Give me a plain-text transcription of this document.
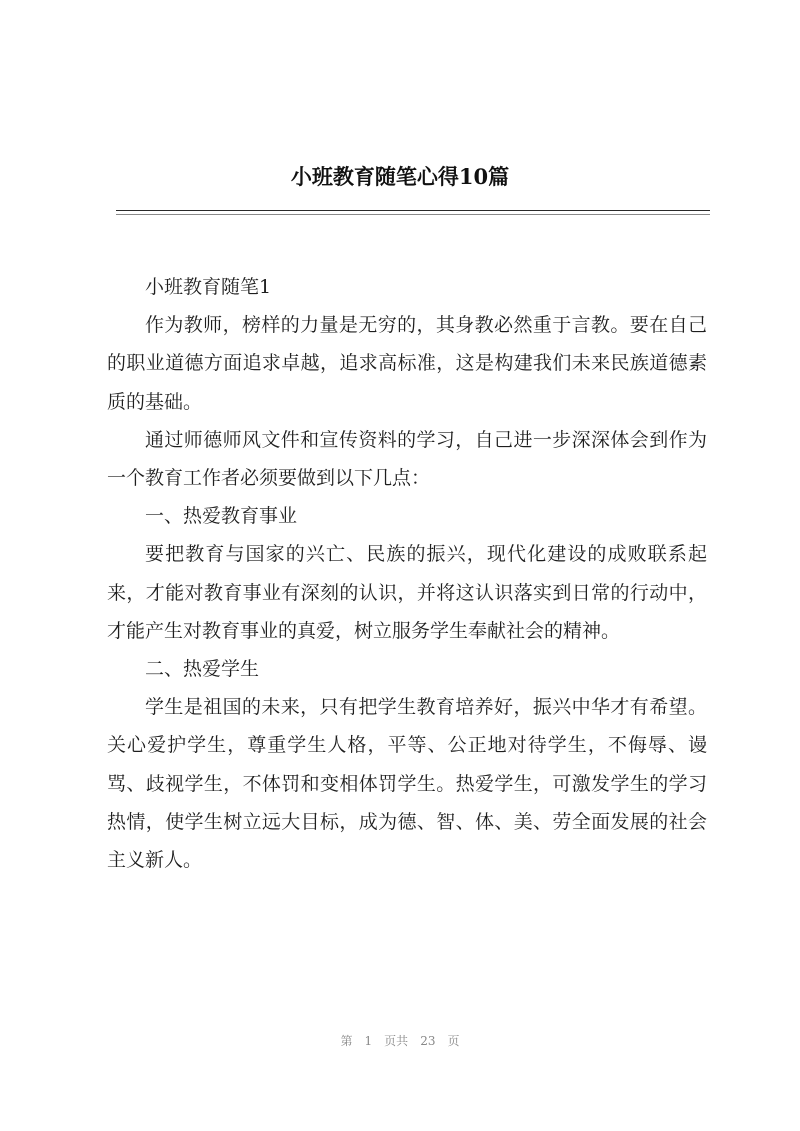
小班教育随笔心得10篇

小班教育随笔1

作为教师，榜样的力量是无穷的，其身教必然重于言教。要在自己的职业道德方面追求卓越，追求高标准，这是构建我们未来民族道德素质的基础。

通过师德师风文件和宣传资料的学习，自己进一步深深体会到作为一个教育工作者必须要做到以下几点：

一、热爱教育事业

要把教育与国家的兴亡、民族的振兴，现代化建设的成败联系起来，才能对教育事业有深刻的认识，并将这认识落实到日常的行动中，才能产生对教育事业的真爱，树立服务学生奉献社会的精神。

二、热爱学生

学生是祖国的未来，只有把学生教育培养好，振兴中华才有希望。关心爱护学生，尊重学生人格，平等、公正地对待学生，不侮辱、谩骂、歧视学生，不体罚和变相体罚学生。热爱学生，可激发学生的学习热情，使学生树立远大目标，成为德、智、体、美、劳全面发展的社会主义新人。

第 1 页共 23 页
